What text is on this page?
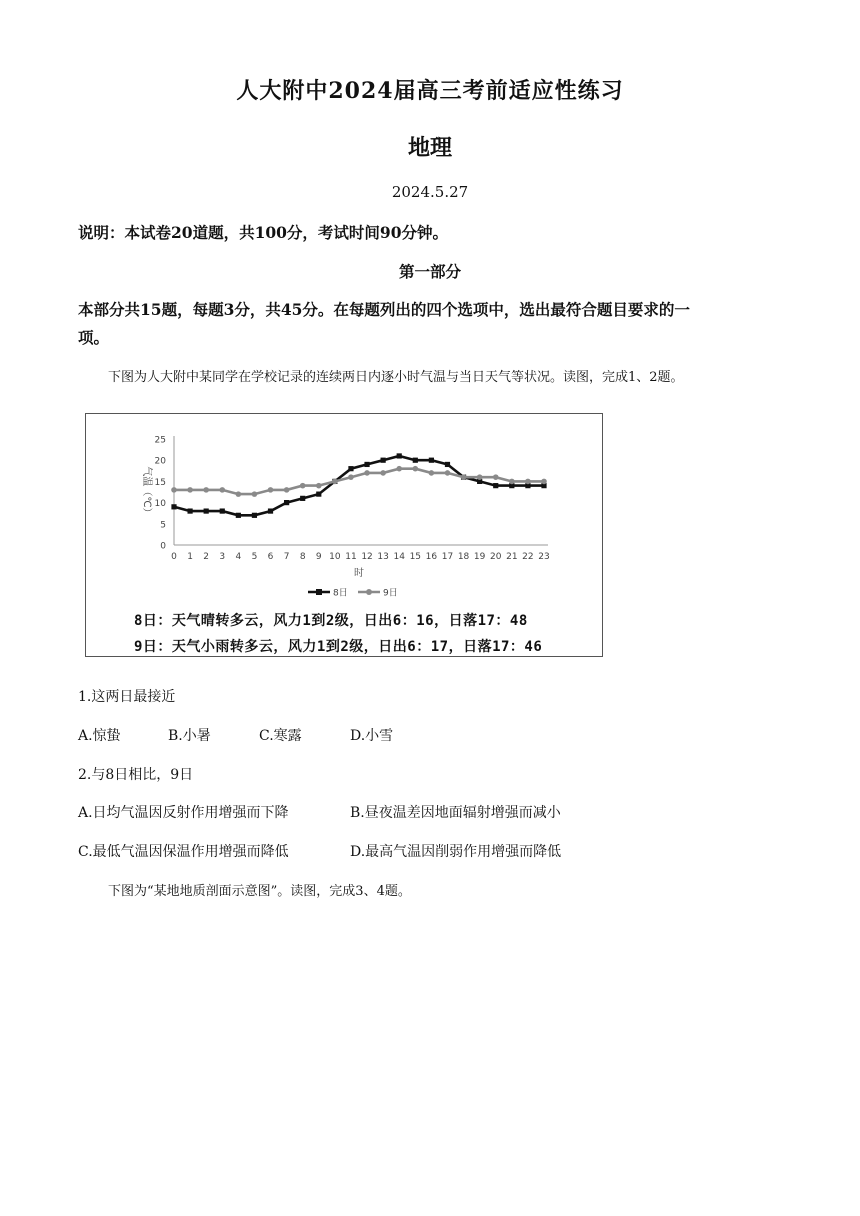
人大附中2024届高三考前适应性练习
地理
2024.5.27
说明：本试卷20道题，共100分，考试时间90分钟。
第一部分
本部分共15题，每题3分，共45分。在每题列出的四个选项中，选出最符合题目要求的一
项。
下图为人大附中某同学在学校记录的连续两日内逐小时气温与当日天气等状况。读图，完成1、2题。
0
5
10
15
20
25
0 1 2 3 4 5 6 7 8 9 10 11 12 13 14 15 16 17 18 19 20 21 22 23
时
气温（℃）
8日	9日
8日：天气晴转多云，风力1到2级，日出6：16，日落17：48
9日：天气小雨转多云，风力1到2级，日出6：17，日落17：46
1.这两日最接近
A.惊蛰	B.小暑	C.寒露	D.小雪
2.与8日相比，9日
A.日均气温因反射作用增强而下降	B.昼夜温差因地面辐射增强而减小
C.最低气温因保温作用增强而降低	D.最高气温因削弱作用增强而降低
下图为“某地地质剖面示意图”。读图，完成3、4题。
